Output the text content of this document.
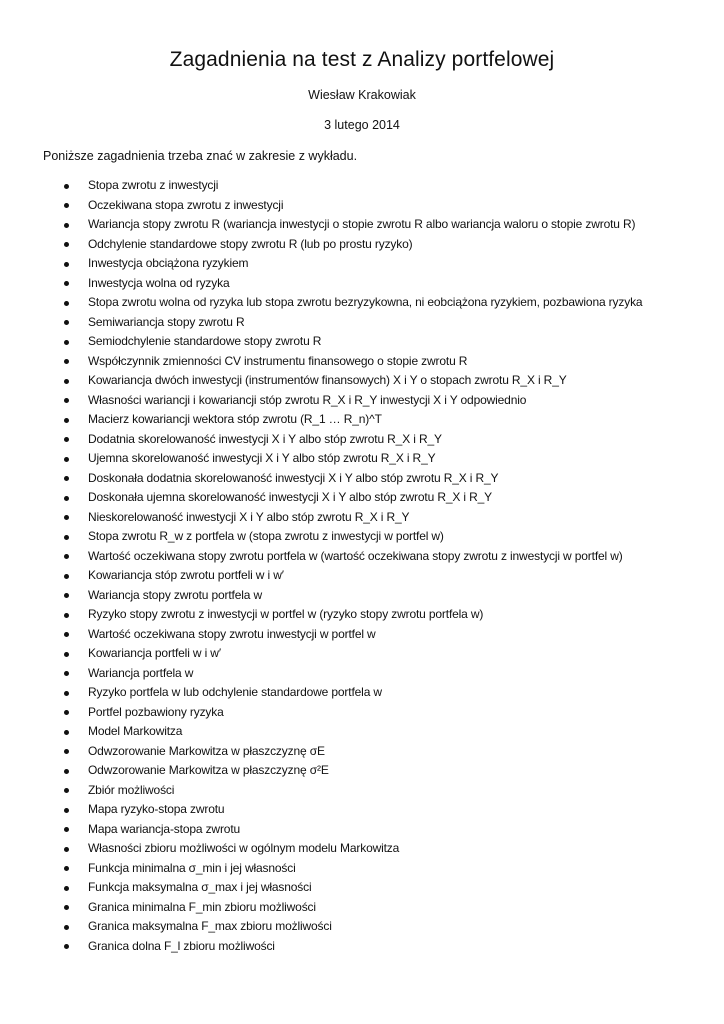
Zagadnienia na test z Analizy portfelowej
Wiesław Krakowiak
3 lutego 2014
Poniższe zagadnienia trzeba znać w zakresie z wykładu.
Stopa zwrotu z inwestycji
Oczekiwana stopa zwrotu z inwestycji
Wariancja stopy zwrotu R (wariancja inwestycji o stopie zwrotu R albo wariancja waloru o stopie zwrotu R)
Odchylenie standardowe stopy zwrotu R (lub po prostu ryzyko)
Inwestycja obciążona ryzykiem
Inwestycja wolna od ryzyka
Stopa zwrotu wolna od ryzyka lub stopa zwrotu bezryzykowna, ni eobciążona ryzykiem, pozbawiona ryzyka
Semiwariancja stopy zwrotu R
Semiodchylenie standardowe stopy zwrotu R
Współczynnik zmienności CV instrumentu finansowego o stopie zwrotu R
Kowariancja dwóch inwestycji (instrumentów finansowych) X i Y o stopach zwrotu R_X i R_Y
Własności wariancji i kowariancji stóp zwrotu R_X i R_Y inwestycji X i Y odpowiednio
Macierz kowariancji wektora stóp zwrotu (R_1 … R_n)^T
Dodatnia skorelowaność inwestycji X i Y albo stóp zwrotu R_X i R_Y
Ujemna skorelowaność inwestycji X i Y albo stóp zwrotu R_X i R_Y
Doskonała dodatnia skorelowaność inwestycji X i Y albo stóp zwrotu R_X i R_Y
Doskonała ujemna skorelowaność inwestycji X i Y albo stóp zwrotu R_X i R_Y
Nieskorelowaność inwestycji X i Y albo stóp zwrotu R_X i R_Y
Stopa zwrotu R_w z portfela w (stopa zwrotu z inwestycji w portfel w)
Wartość oczekiwana stopy zwrotu portfela w (wartość oczekiwana stopy zwrotu z inwestycji w portfel w)
Kowariancja stóp zwrotu portfeli w i w′
Wariancja stopy zwrotu portfela w
Ryzyko stopy zwrotu z inwestycji w portfel w (ryzyko stopy zwrotu portfela w)
Wartość oczekiwana stopy zwrotu inwestycji w portfel w
Kowariancja portfeli w i w′
Wariancja portfela w
Ryzyko portfela w lub odchylenie standardowe portfela w
Portfel pozbawiony ryzyka
Model Markowitza
Odwzorowanie Markowitza w płaszczyznę σE
Odwzorowanie Markowitza w płaszczyznę σ²E
Zbiór możliwości
Mapa ryzyko-stopa zwrotu
Mapa wariancja-stopa zwrotu
Własności zbioru możliwości w ogólnym modelu Markowitza
Funkcja minimalna σ_min i jej własności
Funkcja maksymalna σ_max i jej własności
Granica minimalna F_min zbioru możliwości
Granica maksymalna F_max zbioru możliwości
Granica dolna F_l zbioru możliwości
